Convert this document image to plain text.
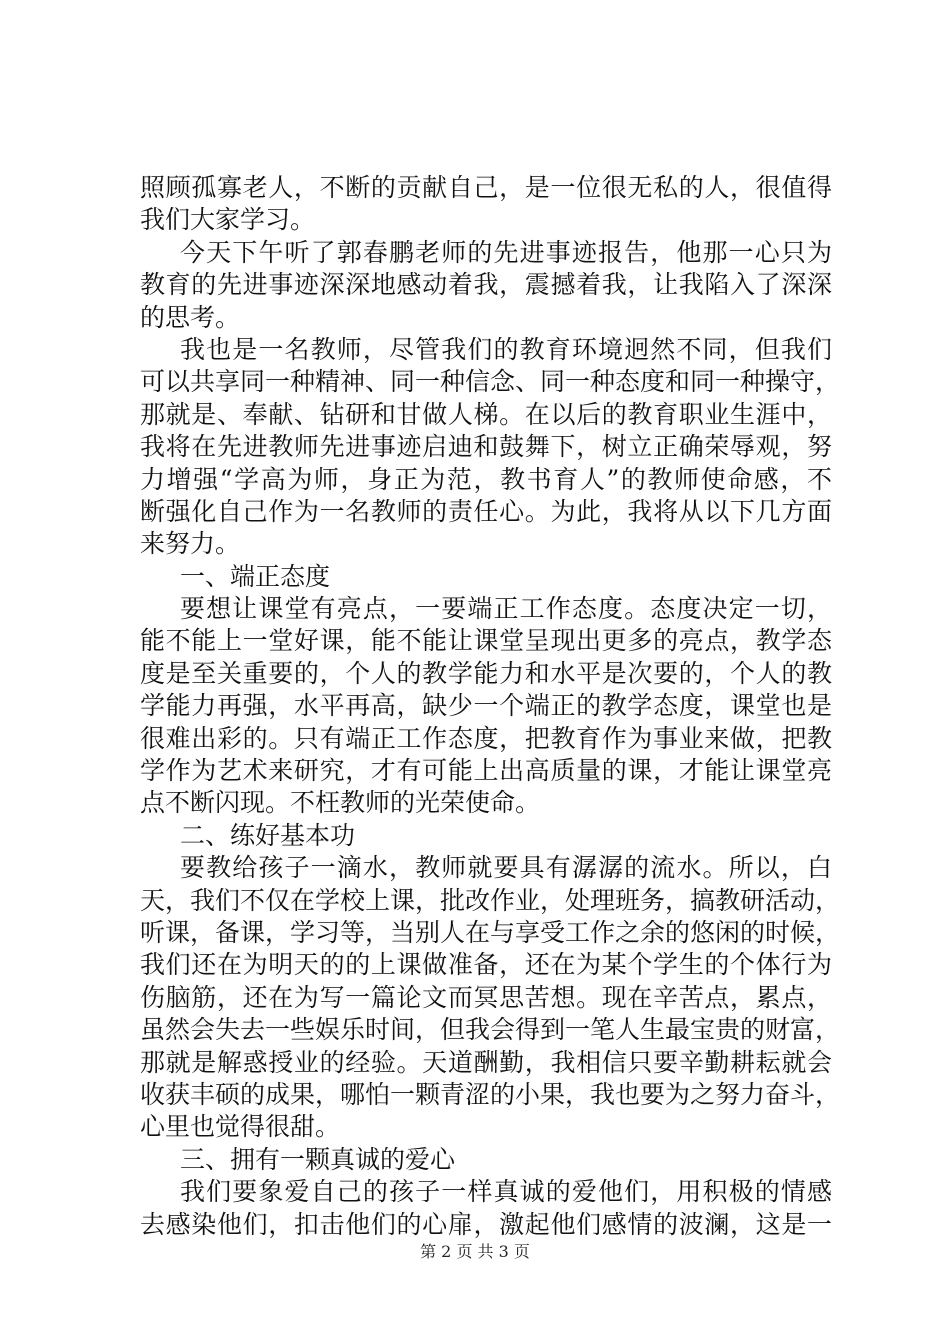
照顾孤寡老人，不断的贡献自己，是一位很无私的人，很值得
我们大家学习。
今天下午听了郭春鹏老师的先进事迹报告，他那一心只为
教育的先进事迹深深地感动着我，震撼着我，让我陷入了深深
的思考。
我也是一名教师，尽管我们的教育环境迥然不同，但我们
可以共享同一种精神、同一种信念、同一种态度和同一种操守，
那就是、奉献、钻研和甘做人梯。在以后的教育职业生涯中，
我将在先进教师先进事迹启迪和鼓舞下，树立正确荣辱观，努
力增强“学高为师，身正为范，教书育人”的教师使命感，不
断强化自己作为一名教师的责任心。为此，我将从以下几方面
来努力。
一、端正态度
要想让课堂有亮点，一要端正工作态度。态度决定一切，
能不能上一堂好课，能不能让课堂呈现出更多的亮点，教学态
度是至关重要的，个人的教学能力和水平是次要的，个人的教
学能力再强，水平再高，缺少一个端正的教学态度，课堂也是
很难出彩的。只有端正工作态度，把教育作为事业来做，把教
学作为艺术来研究，才有可能上出高质量的课，才能让课堂亮
点不断闪现。不枉教师的光荣使命。
二、练好基本功
要教给孩子一滴水，教师就要具有潺潺的流水。所以，白
天，我们不仅在学校上课，批改作业，处理班务，搞教研活动，
听课，备课，学习等，当别人在与享受工作之余的悠闲的时候，
我们还在为明天的的上课做准备，还在为某个学生的个体行为
伤脑筋，还在为写一篇论文而冥思苦想。现在辛苦点，累点，
虽然会失去一些娱乐时间，但我会得到一笔人生最宝贵的财富，
那就是解惑授业的经验。天道酬勤，我相信只要辛勤耕耘就会
收获丰硕的成果，哪怕一颗青涩的小果，我也要为之努力奋斗，
心里也觉得很甜。
三、拥有一颗真诚的爱心
我们要象爱自己的孩子一样真诚的爱他们，用积极的情感
去感染他们，扣击他们的心扉，激起他们感情的波澜，这是一
第 2 页 共 3 页
